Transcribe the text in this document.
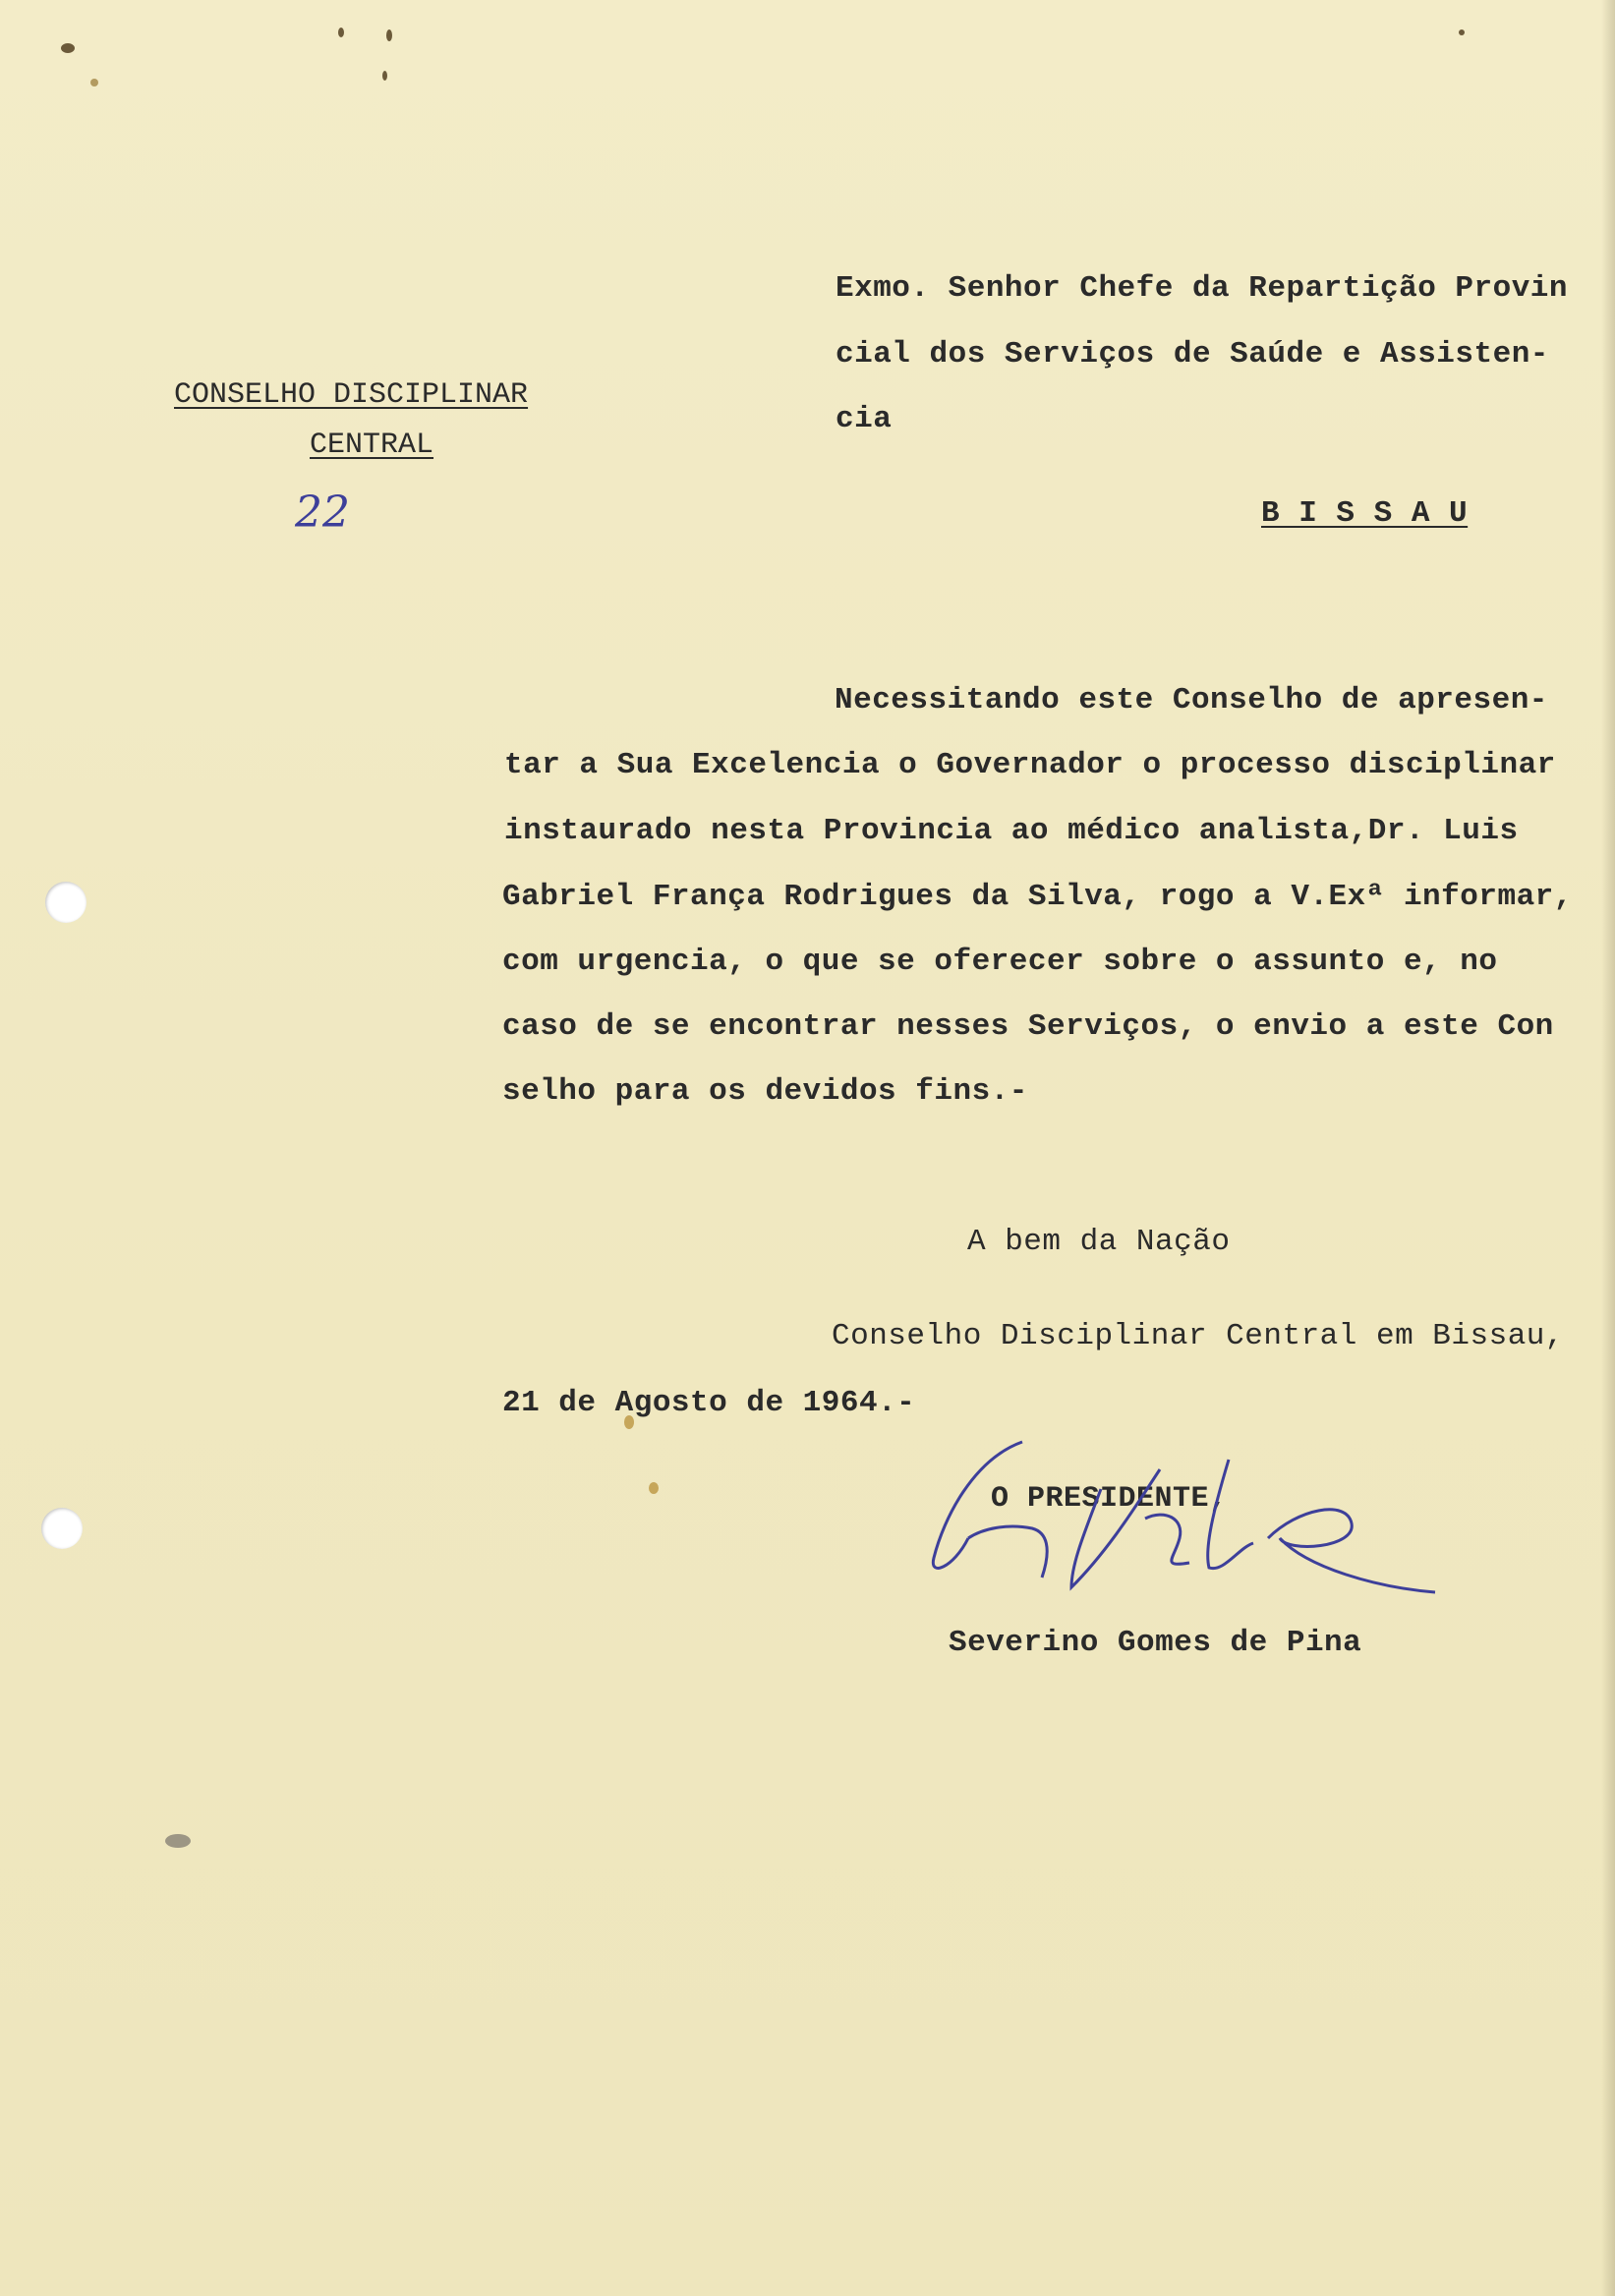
CONSELHO DISCIPLINAR
CENTRAL
22
Exmo. Senhor Chefe da Repartição Provin
cial dos Serviços de Saúde e Assisten-
cia
B I S S A U
Necessitando este Conselho de apresen-
tar a Sua Excelencia o Governador o processo disciplinar
instaurado nesta Provincia ao médico analista,Dr. Luis
Gabriel França Rodrigues da Silva, rogo a V.Exª informar,
com urgencia, o que se oferecer sobre o assunto e, no
caso de se encontrar nesses Serviços, o envio a este Con
selho para os devidos fins.-
A bem da Nação
Conselho Disciplinar Central em Bissau,
21 de Agosto de 1964.-
O PRESIDENTE,
Severino Gomes de Pina
